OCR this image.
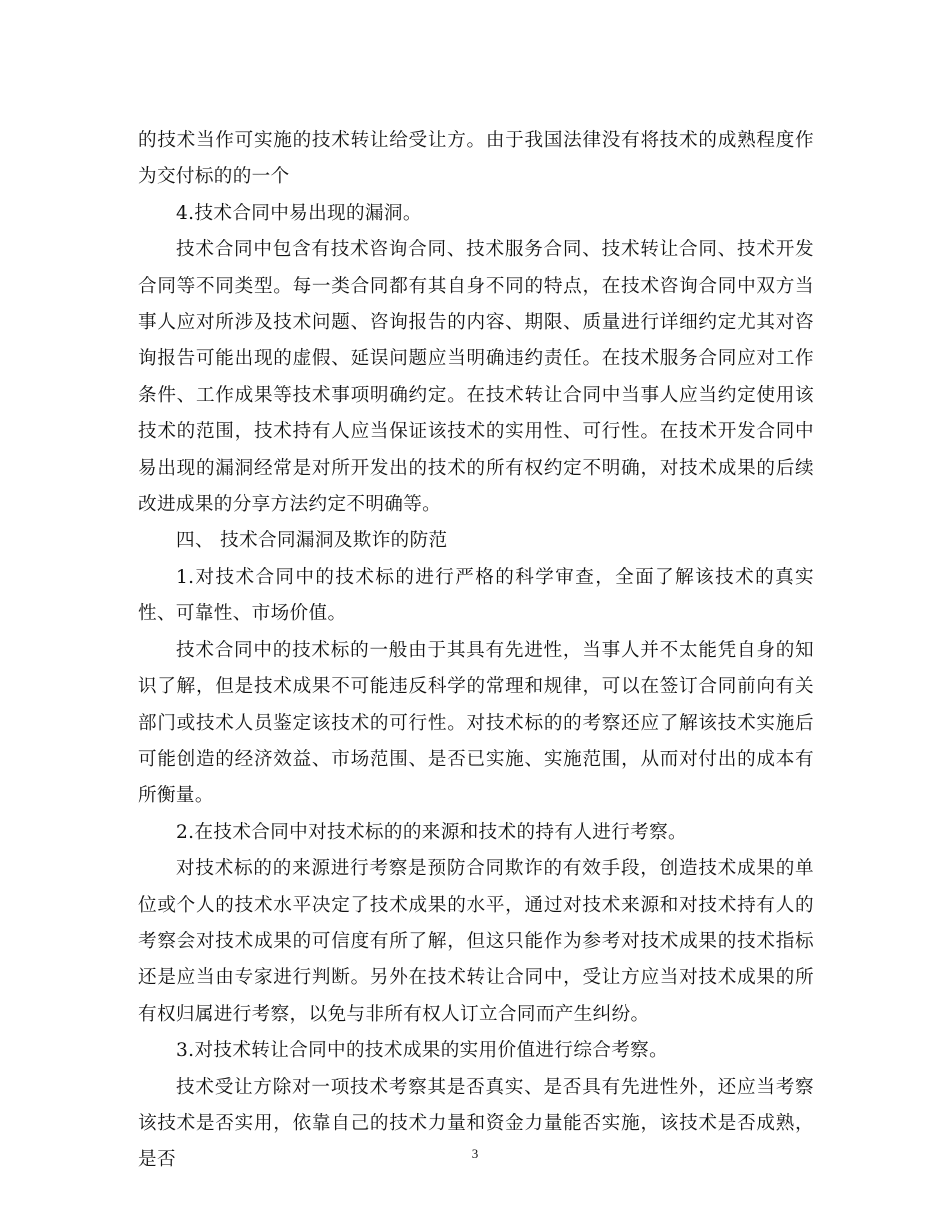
的技术当作可实施的技术转让给受让方。由于我国法律没有将技术的成熟程度作为交付标的的一个

4.技术合同中易出现的漏洞。

技术合同中包含有技术咨询合同、技术服务合同、技术转让合同、技术开发合同等不同类型。每一类合同都有其自身不同的特点，在技术咨询合同中双方当事人应对所涉及技术问题、咨询报告的内容、期限、质量进行详细约定尤其对咨询报告可能出现的虚假、延误问题应当明确违约责任。在技术服务合同应对工作条件、工作成果等技术事项明确约定。在技术转让合同中当事人应当约定使用该技术的范围，技术持有人应当保证该技术的实用性、可行性。在技术开发合同中易出现的漏洞经常是对所开发出的技术的所有权约定不明确，对技术成果的后续改进成果的分享方法约定不明确等。

四、 技术合同漏洞及欺诈的防范

1.对技术合同中的技术标的进行严格的科学审查，全面了解该技术的真实性、可靠性、市场价值。

技术合同中的技术标的一般由于其具有先进性，当事人并不太能凭自身的知识了解，但是技术成果不可能违反科学的常理和规律，可以在签订合同前向有关部门或技术人员鉴定该技术的可行性。对技术标的的考察还应了解该技术实施后可能创造的经济效益、市场范围、是否已实施、实施范围，从而对付出的成本有所衡量。

2.在技术合同中对技术标的的来源和技术的持有人进行考察。

对技术标的的来源进行考察是预防合同欺诈的有效手段，创造技术成果的单位或个人的技术水平决定了技术成果的水平，通过对技术来源和对技术持有人的考察会对技术成果的可信度有所了解，但这只能作为参考对技术成果的技术指标还是应当由专家进行判断。另外在技术转让合同中，受让方应当对技术成果的所有权归属进行考察，以免与非所有权人订立合同而产生纠纷。

3.对技术转让合同中的技术成果的实用价值进行综合考察。

技术受让方除对一项技术考察其是否真实、是否具有先进性外，还应当考察该技术是否实用，依靠自己的技术力量和资金力量能否实施，该技术是否成熟，是否	3
